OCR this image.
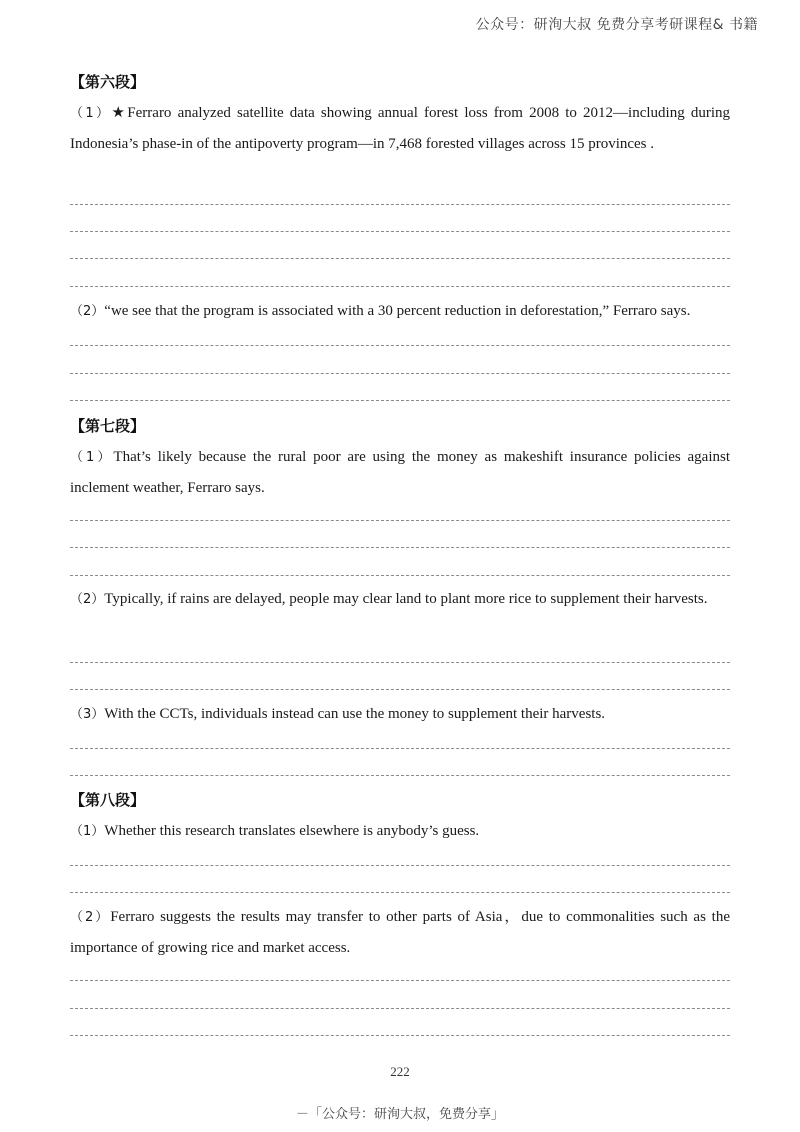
公众号：研洵大叔 免费分享考研课程& 书籍
【第六段】
（1）★Ferraro analyzed satellite data showing annual forest loss from 2008 to 2012—including during Indonesia’s phase-in of the antipoverty program—in 7,468 forested villages across 15 provinces .
（2）“we see that the program is associated with a 30 percent reduction in deforestation,” Ferraro says.
【第七段】
（1）That’s likely because the rural poor are using the money as makeshift insurance policies against inclement weather, Ferraro says.
（2）Typically, if rains are delayed, people may clear land to plant more rice to supplement their harvests.
（3）With the CCTs, individuals instead can use the money to supplement their harvests.
【第八段】
（1）Whether this research translates elsewhere is anybody’s guess.
（2）Ferraro suggests the results may transfer to other parts of Asia，due to commonalities such as the importance of growing rice and market access.
222
－「公众号：研洵大叔，免费分享」
